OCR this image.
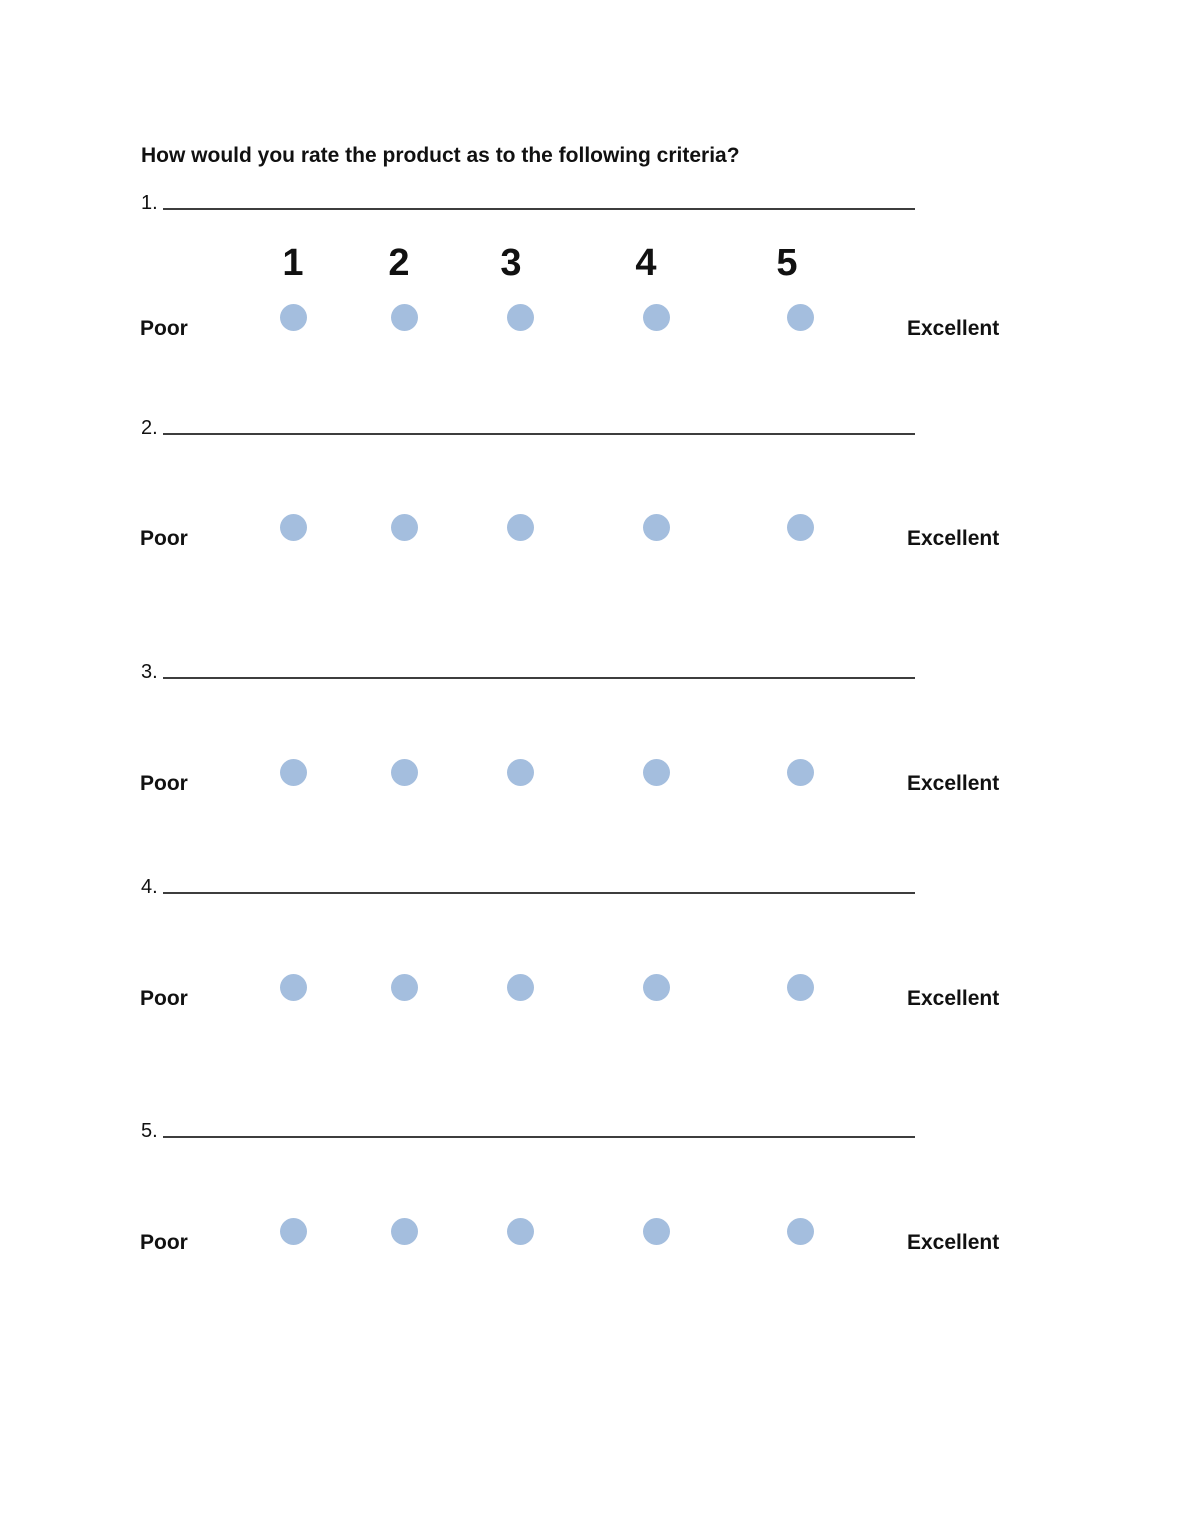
How would you rate the product as to the following criteria?
1.
1	2	3	4	5
Poor	Excellent
2.
Poor	Excellent
3.
Poor	Excellent
4.
Poor	Excellent
5.
Poor	Excellent
